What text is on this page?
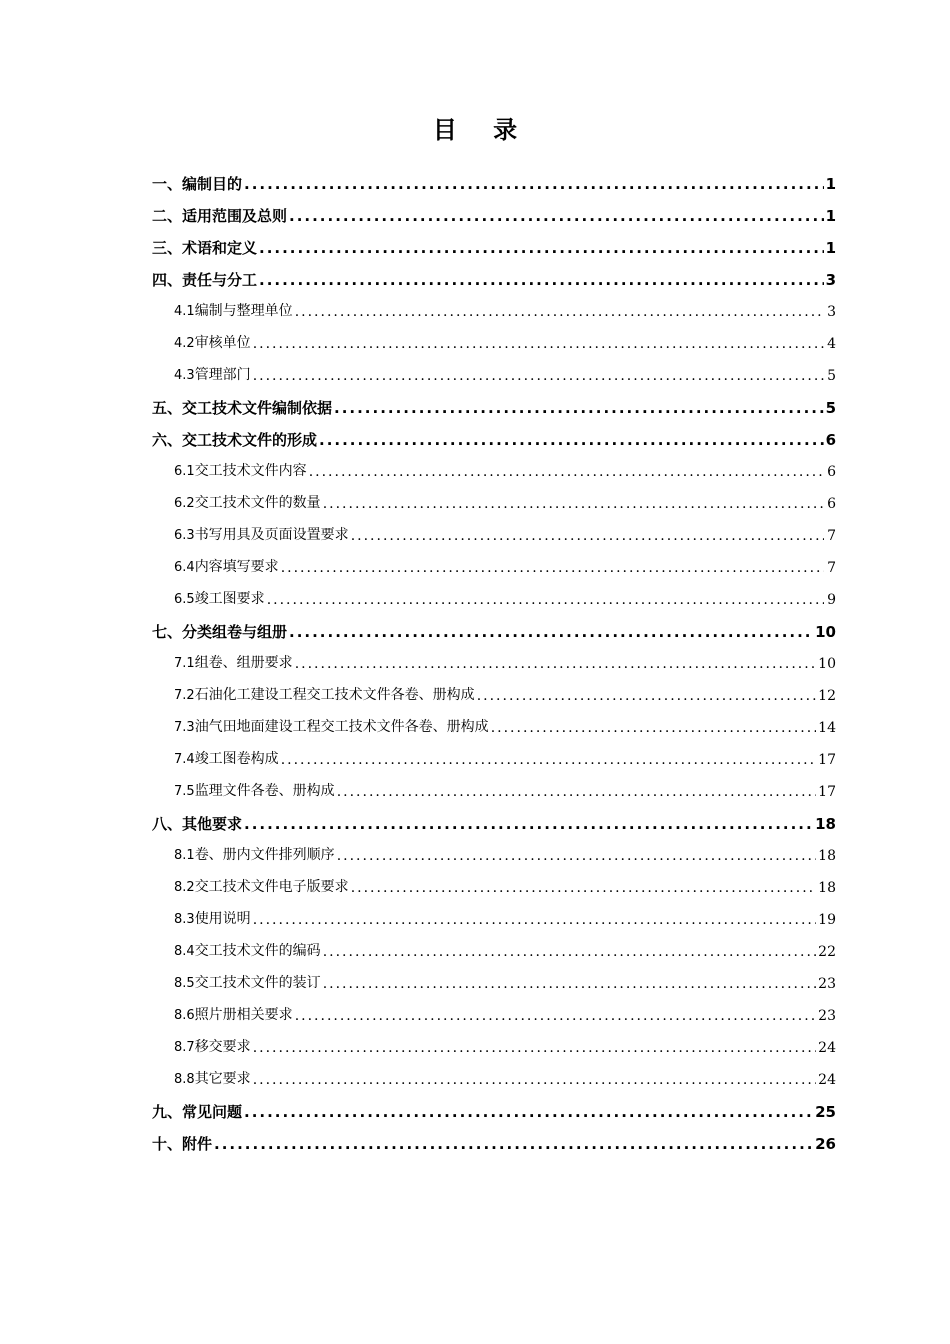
目 录
一、编制目的 .....	1
二、适用范围及总则 .....	1
三、术语和定义 .....	1
四、责任与分工 .....	3
4.1编制与整理单位 .....	3
4.2审核单位 .....	4
4.3管理部门 .....	5
五、交工技术文件编制依据 .....	5
六、交工技术文件的形成 .....	6
6.1交工技术文件内容 .....	6
6.2交工技术文件的数量 .....	6
6.3书写用具及页面设置要求 .....	7
6.4内容填写要求 .....	7
6.5竣工图要求 .....	9
七、分类组卷与组册 .....	10
7.1组卷、组册要求 .....	10
7.2石油化工建设工程交工技术文件各卷、册构成 .....	12
7.3油气田地面建设工程交工技术文件各卷、册构成 .....	14
7.4竣工图卷构成 .....	17
7.5监理文件各卷、册构成 .....	17
八、其他要求 .....	18
8.1卷、册内文件排列顺序 .....	18
8.2交工技术文件电子版要求 .....	18
8.3使用说明 .....	19
8.4交工技术文件的编码 .....	22
8.5交工技术文件的装订 .....	23
8.6照片册相关要求 .....	23
8.7移交要求 .....	24
8.8其它要求 .....	24
九、常见问题 .....	25
十、附件 .....	26
